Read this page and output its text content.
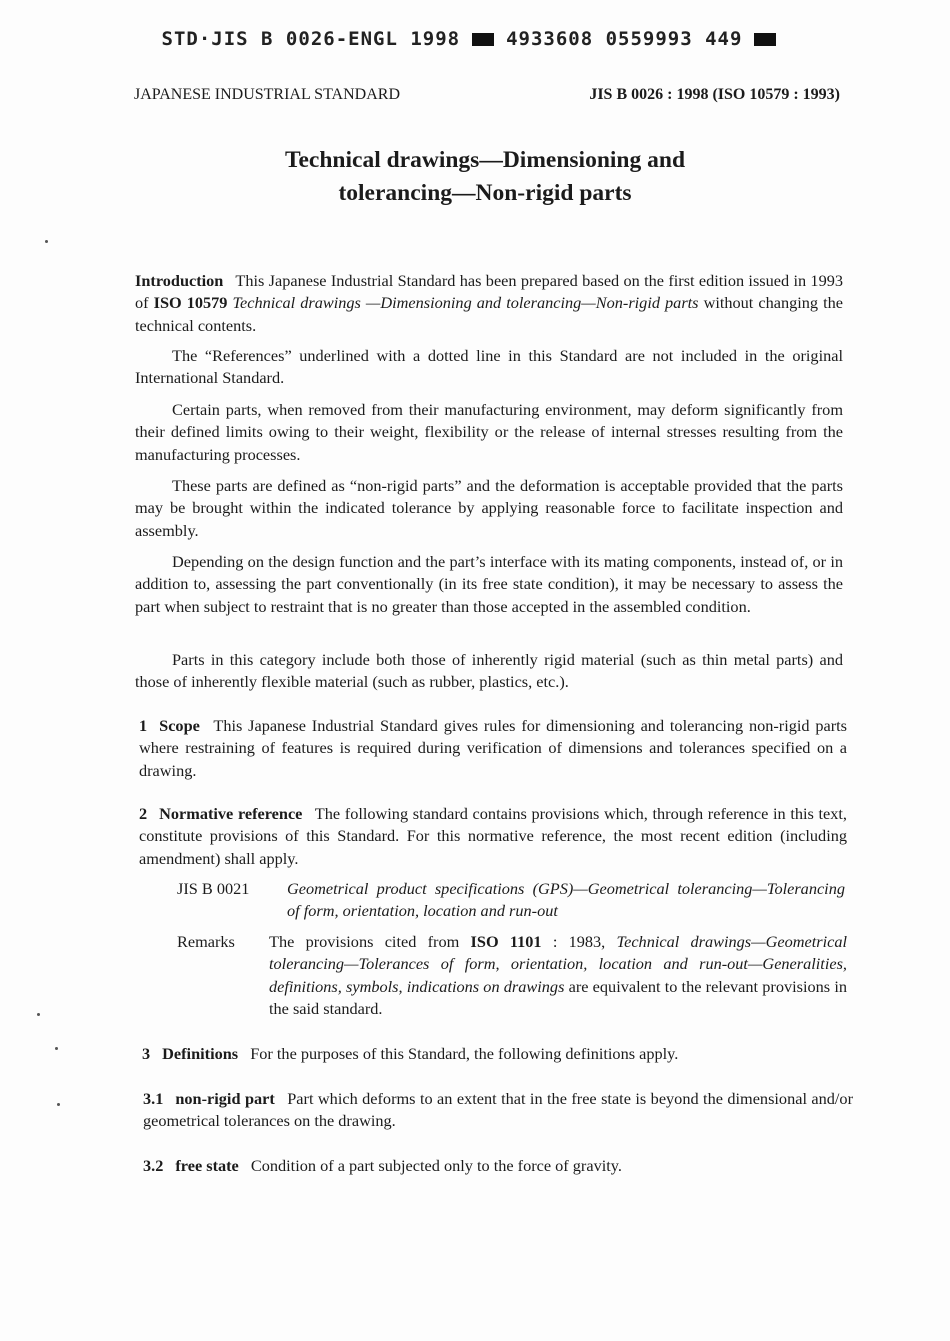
STD·JIS B 0026-ENGL 1998 4933608 0559993 449
JAPANESE INDUSTRIAL STANDARD	JIS B 0026 : 1998 (ISO 10579 : 1993)
Technical drawings—Dimensioning and
tolerancing—Non-rigid parts
Introduction This Japanese Industrial Standard has been prepared based on the first edition issued in 1993 of ISO 10579 Technical drawings —Dimensioning and tolerancing—Non-rigid parts without changing the technical contents.
The “References” underlined with a dotted line in this Standard are not included in the original International Standard.
Certain parts, when removed from their manufacturing environment, may deform significantly from their defined limits owing to their weight, flexibility or the release of internal stresses resulting from the manufacturing processes.
These parts are defined as “non-rigid parts” and the deformation is acceptable provided that the parts may be brought within the indicated tolerance by applying reasonable force to facilitate inspection and assembly.
Depending on the design function and the part’s interface with its mating components, instead of, or in addition to, assessing the part conventionally (in its free state condition), it may be necessary to assess the part when subject to restraint that is no greater than those accepted in the assembled condition.
Parts in this category include both those of inherently rigid material (such as thin metal parts) and those of inherently flexible material (such as rubber, plastics, etc.).
1 Scope This Japanese Industrial Standard gives rules for dimensioning and tolerancing non-rigid parts where restraining of features is required during verification of dimensions and tolerances specified on a drawing.
2 Normative reference The following standard contains provisions which, through reference in this text, constitute provisions of this Standard. For this normative reference, the most recent edition (including amendment) shall apply.
JIS B 0021 Geometrical product specifications (GPS)—Geometrical tolerancing—Tolerancing of form, orientation, location and run-out
Remarks The provisions cited from ISO 1101 : 1983, Technical drawings—Geometrical tolerancing—Tolerances of form, orientation, location and run-out—Generalities, definitions, symbols, indications on drawings are equivalent to the relevant provisions in the said standard.
3 Definitions For the purposes of this Standard, the following definitions apply.
3.1 non-rigid part Part which deforms to an extent that in the free state is beyond the dimensional and/or geometrical tolerances on the drawing.
3.2 free state Condition of a part subjected only to the force of gravity.
